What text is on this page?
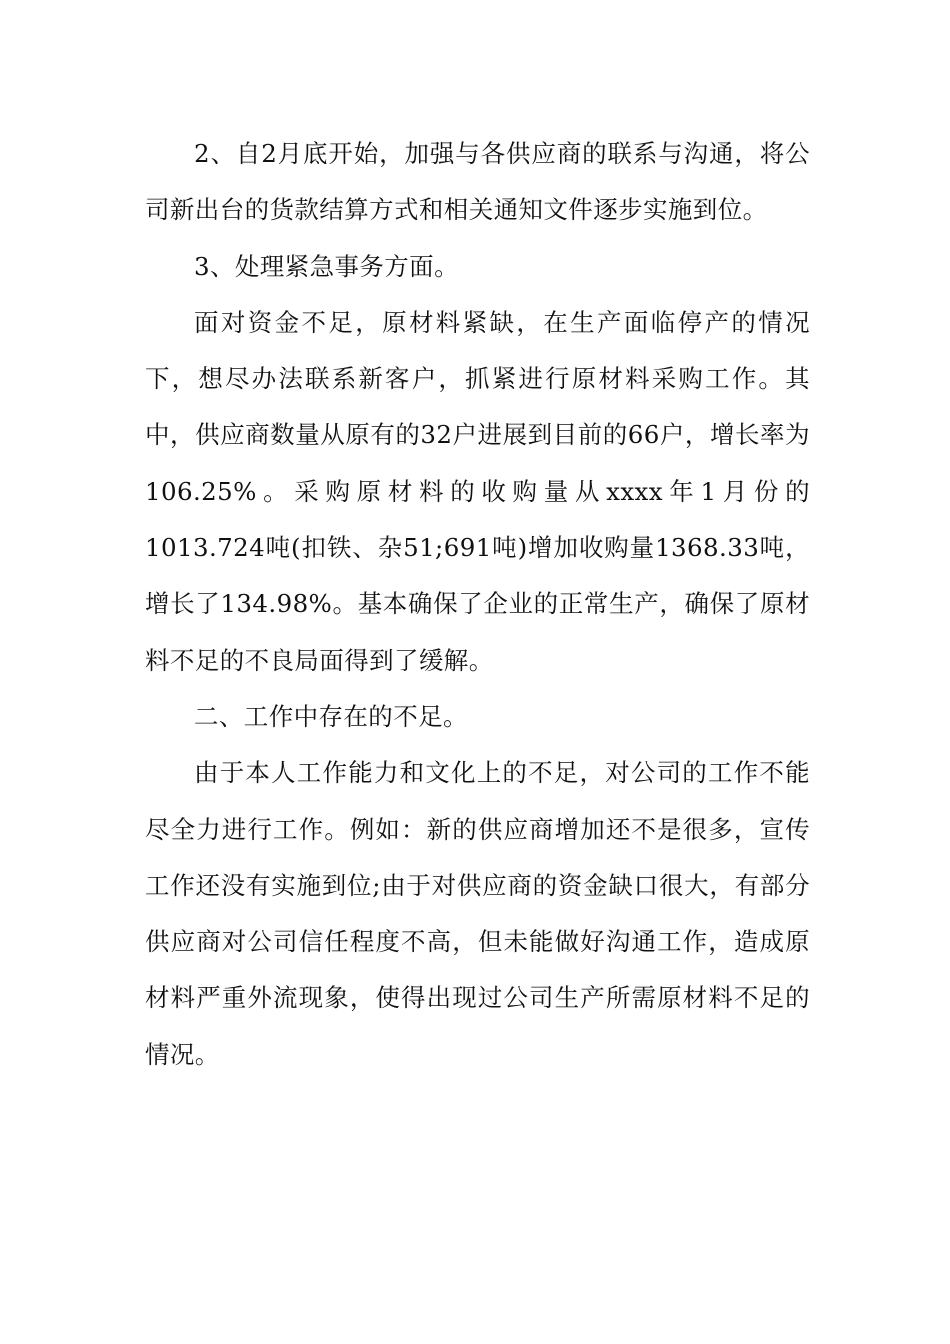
2、自2月底开始，加强与各供应商的联系与沟通，将公司新出台的货款结算方式和相关通知文件逐步实施到位。

3、处理紧急事务方面。

面对资金不足，原材料紧缺，在生产面临停产的情况下，想尽办法联系新客户，抓紧进行原材料采购工作。其中，供应商数量从原有的32户进展到目前的66户，增长率为106.25%。采购原材料的收购量从xxxx年1月份的1013.724吨(扣铁、杂51;691吨)增加收购量1368.33吨，增长了134.98%。基本确保了企业的正常生产，确保了原材料不足的不良局面得到了缓解。

二、工作中存在的不足。

由于本人工作能力和文化上的不足，对公司的工作不能尽全力进行工作。例如：新的供应商增加还不是很多，宣传工作还没有实施到位;由于对供应商的资金缺口很大，有部分供应商对公司信任程度不高，但未能做好沟通工作，造成原材料严重外流现象，使得出现过公司生产所需原材料不足的情况。
